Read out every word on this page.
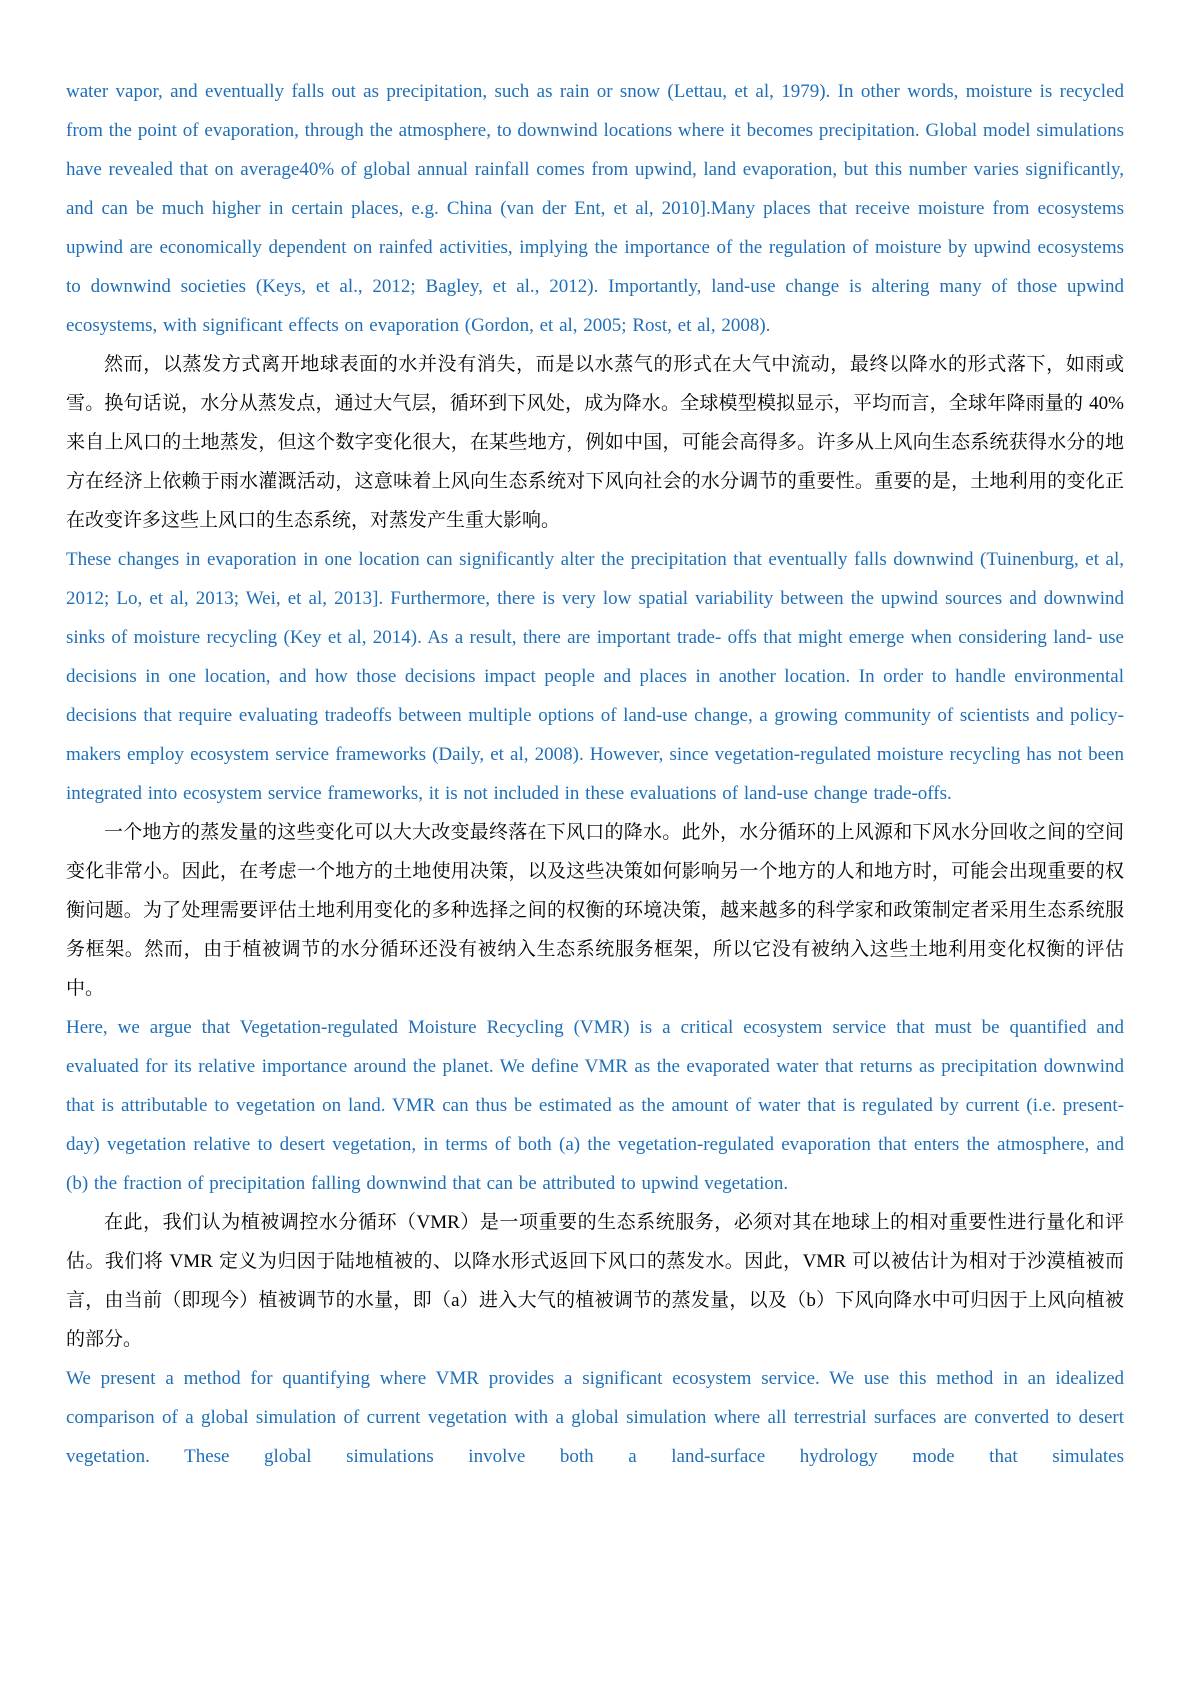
water vapor, and eventually falls out as precipitation, such as rain or snow (Lettau, et al, 1979). In other words, moisture is recycled from the point of evaporation, through the atmosphere, to downwind locations where it becomes precipitation. Global model simulations have revealed that on average40% of global annual rainfall comes from upwind, land evaporation, but this number varies significantly, and can be much higher in certain places, e.g. China (van der Ent, et al, 2010].Many places that receive moisture from ecosystems upwind are economically dependent on rainfed activities, implying the importance of the regulation of moisture by upwind ecosystems to downwind societies (Keys, et al., 2012; Bagley, et al., 2012). Importantly, land-use change is altering many of those upwind ecosystems, with significant effects on evaporation (Gordon, et al, 2005; Rost, et al, 2008).

然而，以蒸发方式离开地球表面的水并没有消失，而是以水蒸气的形式在大气中流动，最终以降水的形式落下，如雨或雪。换句话说，水分从蒸发点，通过大气层，循环到下风处，成为降水。全球模型模拟显示，平均而言，全球年降雨量的 40%来自上风口的土地蒸发，但这个数字变化很大，在某些地方，例如中国，可能会高得多。许多从上风向生态系统获得水分的地方在经济上依赖于雨水灌溉活动，这意味着上风向生态系统对下风向社会的水分调节的重要性。重要的是，土地利用的变化正在改变许多这些上风口的生态系统，对蒸发产生重大影响。

These changes in evaporation in one location can significantly alter the precipitation that eventually falls downwind (Tuinenburg, et al, 2012; Lo, et al, 2013; Wei, et al, 2013]. Furthermore, there is very low spatial variability between the upwind sources and downwind sinks of moisture recycling (Key et al, 2014). As a result, there are important trade- offs that might emerge when considering land- use decisions in one location, and how those decisions impact people and places in another location. In order to handle environmental decisions that require evaluating tradeoffs between multiple options of land-use change, a growing community of scientists and policy-makers employ ecosystem service frameworks (Daily, et al, 2008). However, since vegetation-regulated moisture recycling has not been integrated into ecosystem service frameworks, it is not included in these evaluations of land-use change trade-offs.

一个地方的蒸发量的这些变化可以大大改变最终落在下风口的降水。此外，水分循环的上风源和下风水分回收之间的空间变化非常小。因此，在考虑一个地方的土地使用决策，以及这些决策如何影响另一个地方的人和地方时，可能会出现重要的权衡问题。为了处理需要评估土地利用变化的多种选择之间的权衡的环境决策，越来越多的科学家和政策制定者采用生态系统服务框架。然而，由于植被调节的水分循环还没有被纳入生态系统服务框架，所以它没有被纳入这些土地利用变化权衡的评估中。

Here, we argue that Vegetation-regulated Moisture Recycling (VMR) is a critical ecosystem service that must be quantified and evaluated for its relative importance around the planet. We define VMR as the evaporated water that returns as precipitation downwind that is attributable to vegetation on land. VMR can thus be estimated as the amount of water that is regulated by current (i.e. present-day) vegetation relative to desert vegetation, in terms of both (a) the vegetation-regulated evaporation that enters the atmosphere, and (b) the fraction of precipitation falling downwind that can be attributed to upwind vegetation.

在此，我们认为植被调控水分循环（VMR）是一项重要的生态系统服务，必须对其在地球上的相对重要性进行量化和评估。我们将 VMR 定义为归因于陆地植被的、以降水形式返回下风口的蒸发水。因此，VMR 可以被估计为相对于沙漠植被而言，由当前（即现今）植被调节的水量，即（a）进入大气的植被调节的蒸发量，以及（b）下风向降水中可归因于上风向植被的部分。

We present a method for quantifying where VMR provides a significant ecosystem service. We use this method in an idealized comparison of a global simulation of current vegetation with a global simulation where all terrestrial surfaces are converted to desert vegetation. These global simulations involve both a land-surface hydrology mode that simulates
